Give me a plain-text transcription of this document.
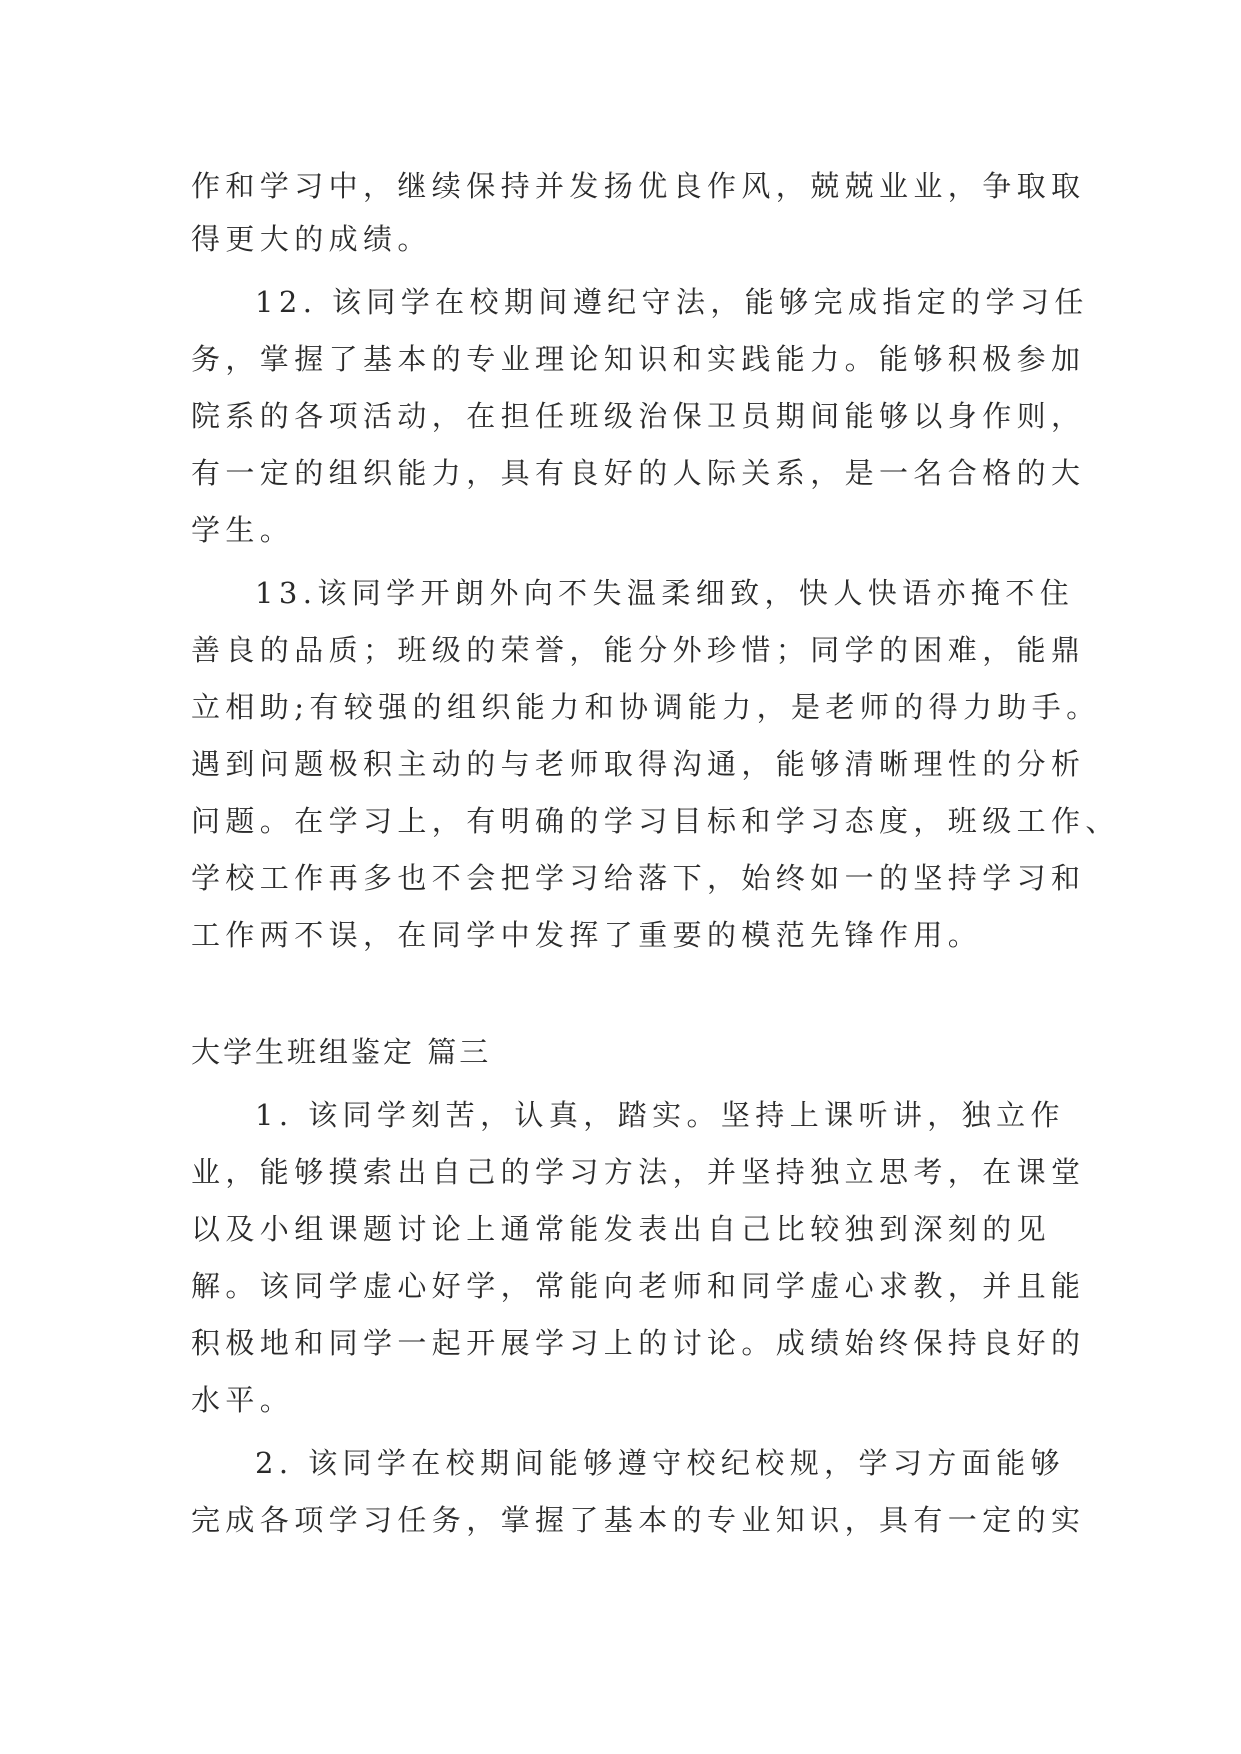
作和学习中，继续保持并发扬优良作风，兢兢业业，争取取
得更大的成绩。
12. 该同学在校期间遵纪守法，能够完成指定的学习任
务，掌握了基本的专业理论知识和实践能力。能够积极参加
院系的各项活动，在担任班级治保卫员期间能够以身作则，
有一定的组织能力，具有良好的人际关系，是一名合格的大
学生。
13.该同学开朗外向不失温柔细致，快人快语亦掩不住
善良的品质；班级的荣誉，能分外珍惜；同学的困难，能鼎
立相助;有较强的组织能力和协调能力，是老师的得力助手。
遇到问题极积主动的与老师取得沟通，能够清晰理性的分析
问题。在学习上，有明确的学习目标和学习态度，班级工作、
学校工作再多也不会把学习给落下，始终如一的坚持学习和
工作两不误，在同学中发挥了重要的模范先锋作用。
大学生班组鉴定 篇三
1. 该同学刻苦，认真，踏实。坚持上课听讲，独立作
业，能够摸索出自己的学习方法，并坚持独立思考，在课堂
以及小组课题讨论上通常能发表出自己比较独到深刻的见
解。该同学虚心好学，常能向老师和同学虚心求教，并且能
积极地和同学一起开展学习上的讨论。成绩始终保持良好的
水平。
2. 该同学在校期间能够遵守校纪校规，学习方面能够
完成各项学习任务，掌握了基本的专业知识，具有一定的实
